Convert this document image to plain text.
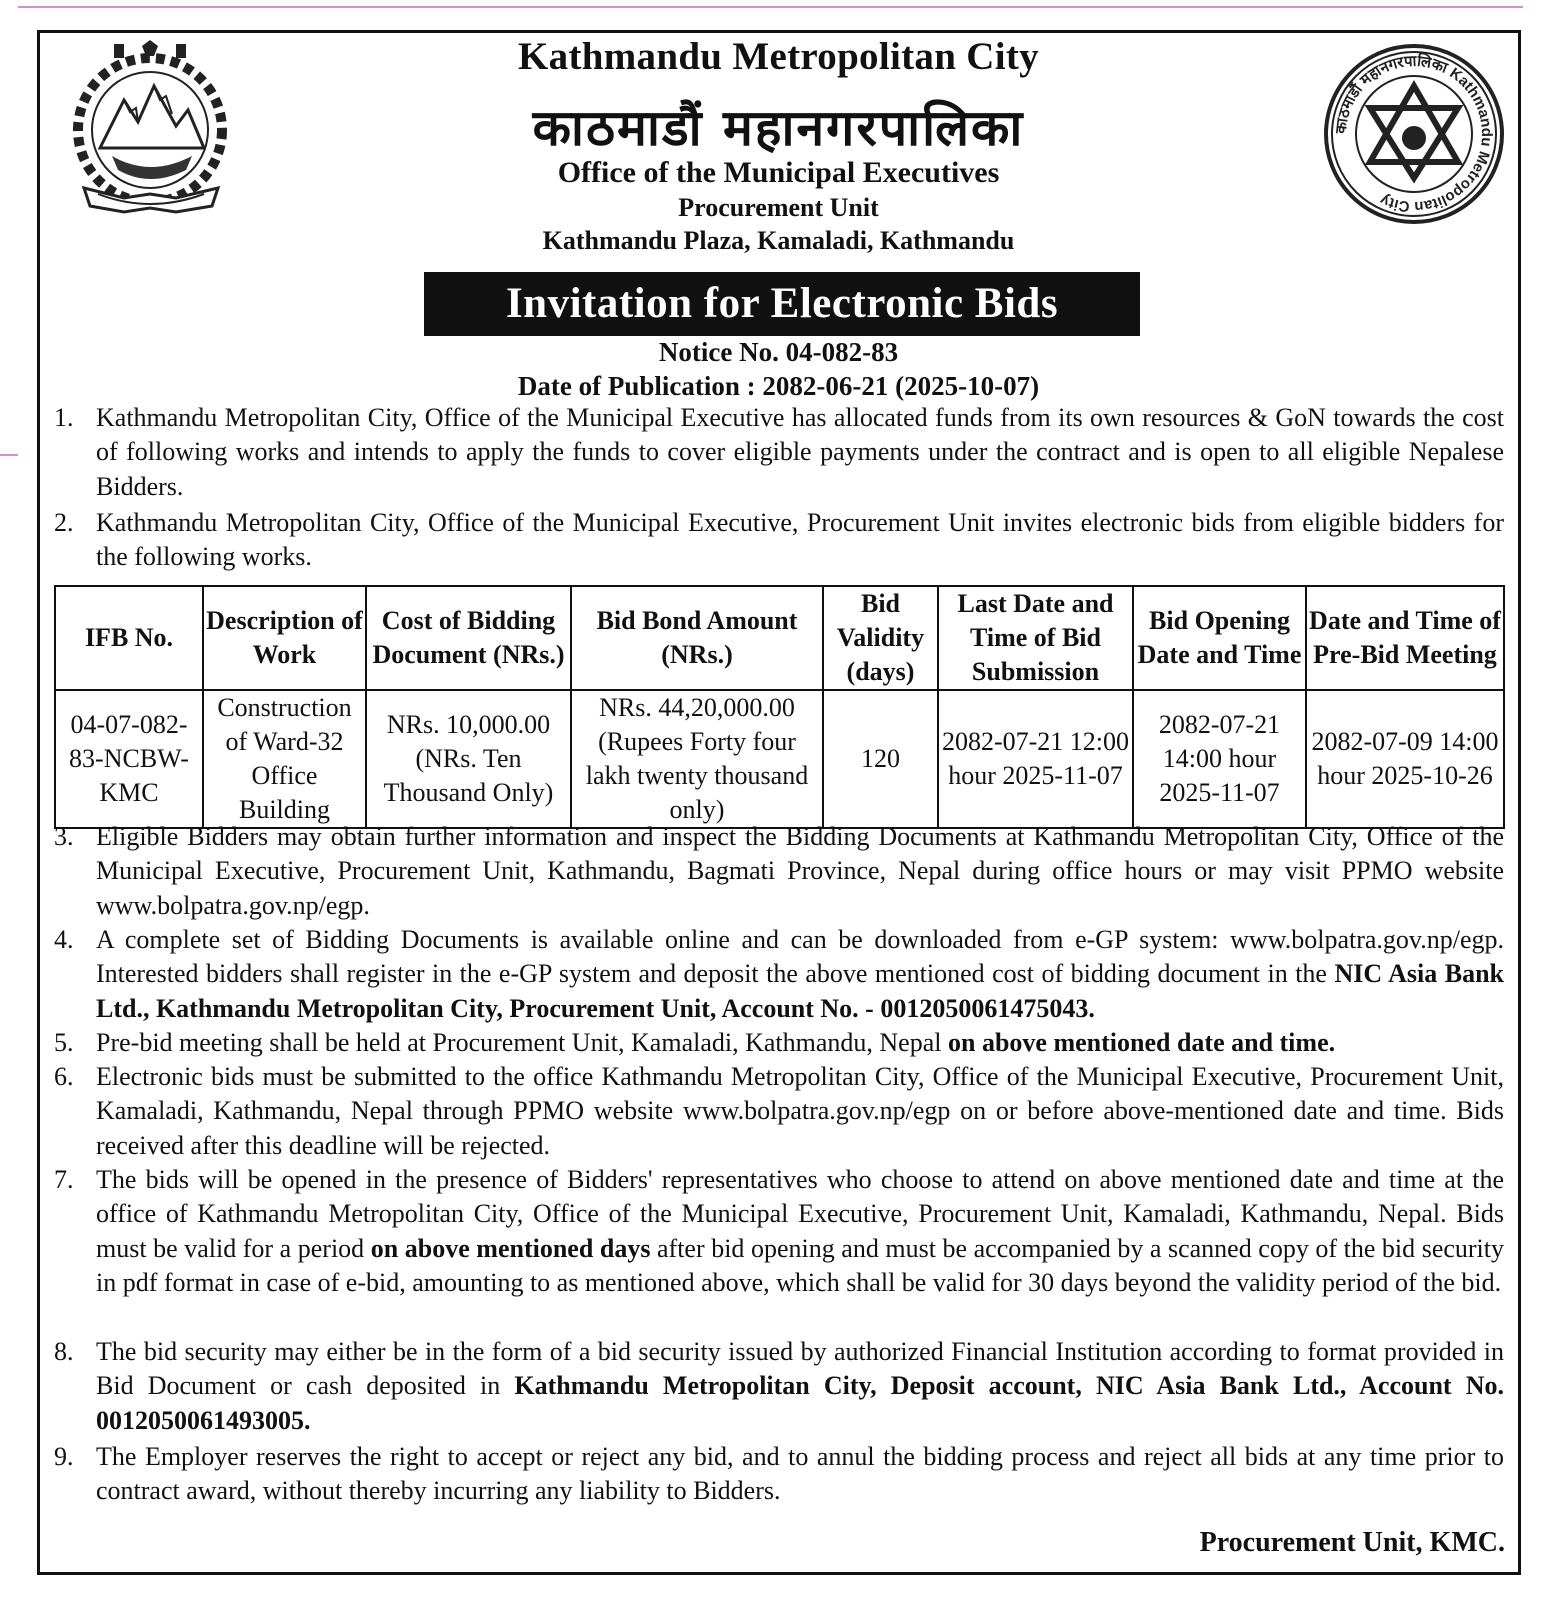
काठमाडौं महानगरपालिका Kathmandu Metropolitan City
Kathmandu Metropolitan City
काठमाडौं महानगरपालिका
Office of the Municipal Executives
Procurement Unit
Kathmandu Plaza, Kamaladi, Kathmandu
Invitation for Electronic Bids
Notice No. 04-082-83
Date of Publication : 2082-06-21 (2025-10-07)
1. Kathmandu Metropolitan City, Office of the Municipal Executive has allocated funds from its own resources & GoN towards the cost of following works and intends to apply the funds to cover eligible payments under the contract and is open to all eligible Nepalese Bidders.
2. Kathmandu Metropolitan City, Office of the Municipal Executive, Procurement Unit invites electronic bids from eligible bidders for the following works.
IFB No.	Description of Work	Cost of Bidding Document (NRs.)	Bid Bond Amount (NRs.)	Bid Validity (days)	Last Date and Time of Bid Submission	Bid Opening Date and Time	Date and Time of Pre-Bid Meeting
04-07-082-83-NCBW-KMC	Construction of Ward-32 Office Building	NRs. 10,000.00 (NRs. Ten Thousand Only)	NRs. 44,20,000.00 (Rupees Forty four lakh twenty thousand only)	120	2082-07-21 12:00 hour 2025-11-07	2082-07-21 14:00 hour 2025-11-07	2082-07-09 14:00 hour 2025-10-26
3. Eligible Bidders may obtain further information and inspect the Bidding Documents at Kathmandu Metropolitan City, Office of the Municipal Executive, Procurement Unit, Kathmandu, Bagmati Province, Nepal during office hours or may visit PPMO website www.bolpatra.gov.np/egp.
4. A complete set of Bidding Documents is available online and can be downloaded from e-GP system: www.bolpatra.gov.np/egp. Interested bidders shall register in the e-GP system and deposit the above mentioned cost of bidding document in the NIC Asia Bank Ltd., Kathmandu Metropolitan City, Procurement Unit, Account No. - 0012050061475043.
5. Pre-bid meeting shall be held at Procurement Unit, Kamaladi, Kathmandu, Nepal on above mentioned date and time.
6. Electronic bids must be submitted to the office Kathmandu Metropolitan City, Office of the Municipal Executive, Procurement Unit, Kamaladi, Kathmandu, Nepal through PPMO website www.bolpatra.gov.np/egp on or before above-mentioned date and time. Bids received after this deadline will be rejected.
7. The bids will be opened in the presence of Bidders' representatives who choose to attend on above mentioned date and time at the office of Kathmandu Metropolitan City, Office of the Municipal Executive, Procurement Unit, Kamaladi, Kathmandu, Nepal. Bids must be valid for a period on above mentioned days after bid opening and must be accompanied by a scanned copy of the bid security in pdf format in case of e-bid, amounting to as mentioned above, which shall be valid for 30 days beyond the validity period of the bid.
8. The bid security may either be in the form of a bid security issued by authorized Financial Institution according to format provided in Bid Document or cash deposited in Kathmandu Metropolitan City, Deposit account, NIC Asia Bank Ltd., Account No. 0012050061493005.
9. The Employer reserves the right to accept or reject any bid, and to annul the bidding process and reject all bids at any time prior to contract award, without thereby incurring any liability to Bidders.
Procurement Unit, KMC.
